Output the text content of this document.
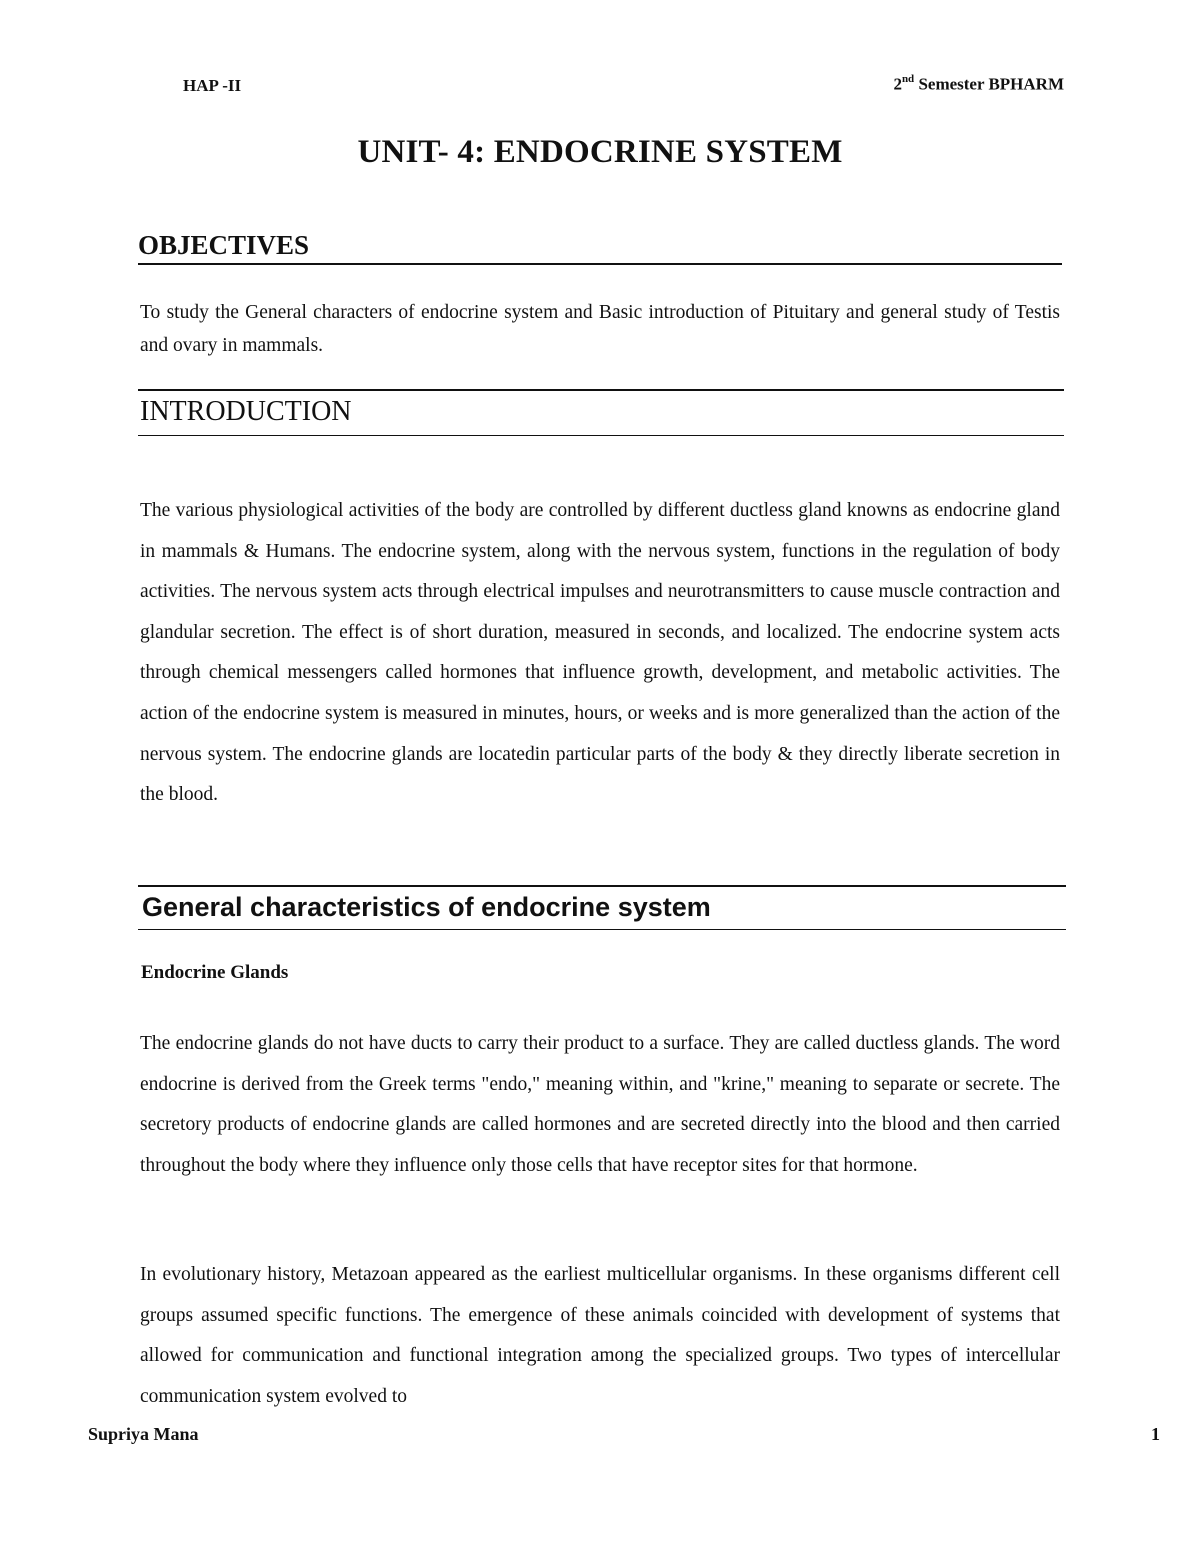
HAP -II	2nd Semester BPHARM
UNIT- 4: ENDOCRINE SYSTEM
OBJECTIVES
To study the General characters of endocrine system and Basic introduction of Pituitary and general study of Testis and ovary in mammals.
INTRODUCTION
The various physiological activities of the body are controlled by different ductless gland knowns as endocrine gland in mammals & Humans. The endocrine system, along with the nervous system, functions in the regulation of body activities. The nervous system acts through electrical impulses and neurotransmitters to cause muscle contraction and glandular secretion. The effect is of short duration, measured in seconds, and localized. The endocrine system acts through chemical messengers called hormones that influence growth, development, and metabolic activities. The action of the endocrine system is measured in minutes, hours, or weeks and is more generalized than the action of the nervous system. The endocrine glands are locatedin particular parts of the body & they directly liberate secretion in the blood.
General characteristics of endocrine system
Endocrine Glands
The endocrine glands do not have ducts to carry their product to a surface. They are called ductless glands. The word endocrine is derived from the Greek terms "endo," meaning within, and "krine," meaning to separate or secrete. The secretory products of endocrine glands are called hormones and are secreted directly into the blood and then carried throughout the body where they influence only those cells that have receptor sites for that hormone.
In evolutionary history, Metazoan appeared as the earliest multicellular organisms. In these organisms different cell groups assumed specific functions. The emergence of these animals coincided with development of systems that allowed for communication and functional integration among the specialized groups. Two types of intercellular communication system evolved to
Supriya Mana	1
